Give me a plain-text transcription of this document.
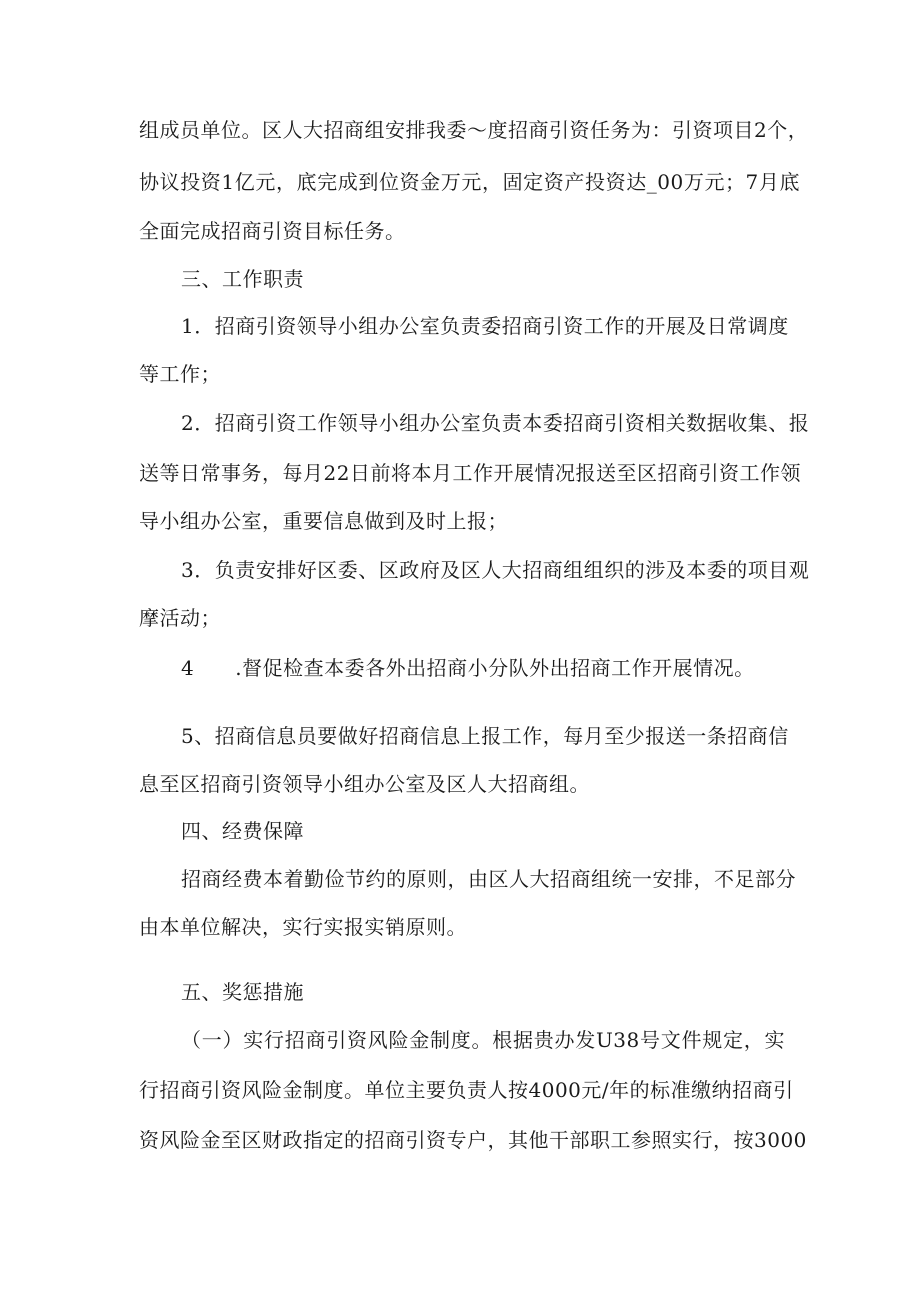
组成员单位。区人大招商组安排我委～度招商引资任务为：引资项目2个，
协议投资1亿元，底完成到位资金万元，固定资产投资达_00万元；7月底
全面完成招商引资目标任务。
三、工作职责
1．招商引资领导小组办公室负责委招商引资工作的开展及日常调度
等工作；
2．招商引资工作领导小组办公室负责本委招商引资相关数据收集、报
送等日常事务，每月22日前将本月工作开展情况报送至区招商引资工作领
导小组办公室，重要信息做到及时上报；
3．负责安排好区委、区政府及区人大招商组组织的涉及本委的项目观
摩活动；
4　　.督促检查本委各外出招商小分队外出招商工作开展情况。
5、招商信息员要做好招商信息上报工作，每月至少报送一条招商信
息至区招商引资领导小组办公室及区人大招商组。
四、经费保障
招商经费本着勤俭节约的原则，由区人大招商组统一安排，不足部分
由本单位解决，实行实报实销原则。
五、奖惩措施
（一）实行招商引资风险金制度。根据贵办发U38号文件规定，实
行招商引资风险金制度。单位主要负责人按4000元/年的标准缴纳招商引
资风险金至区财政指定的招商引资专户，其他干部职工参照实行，按3000
